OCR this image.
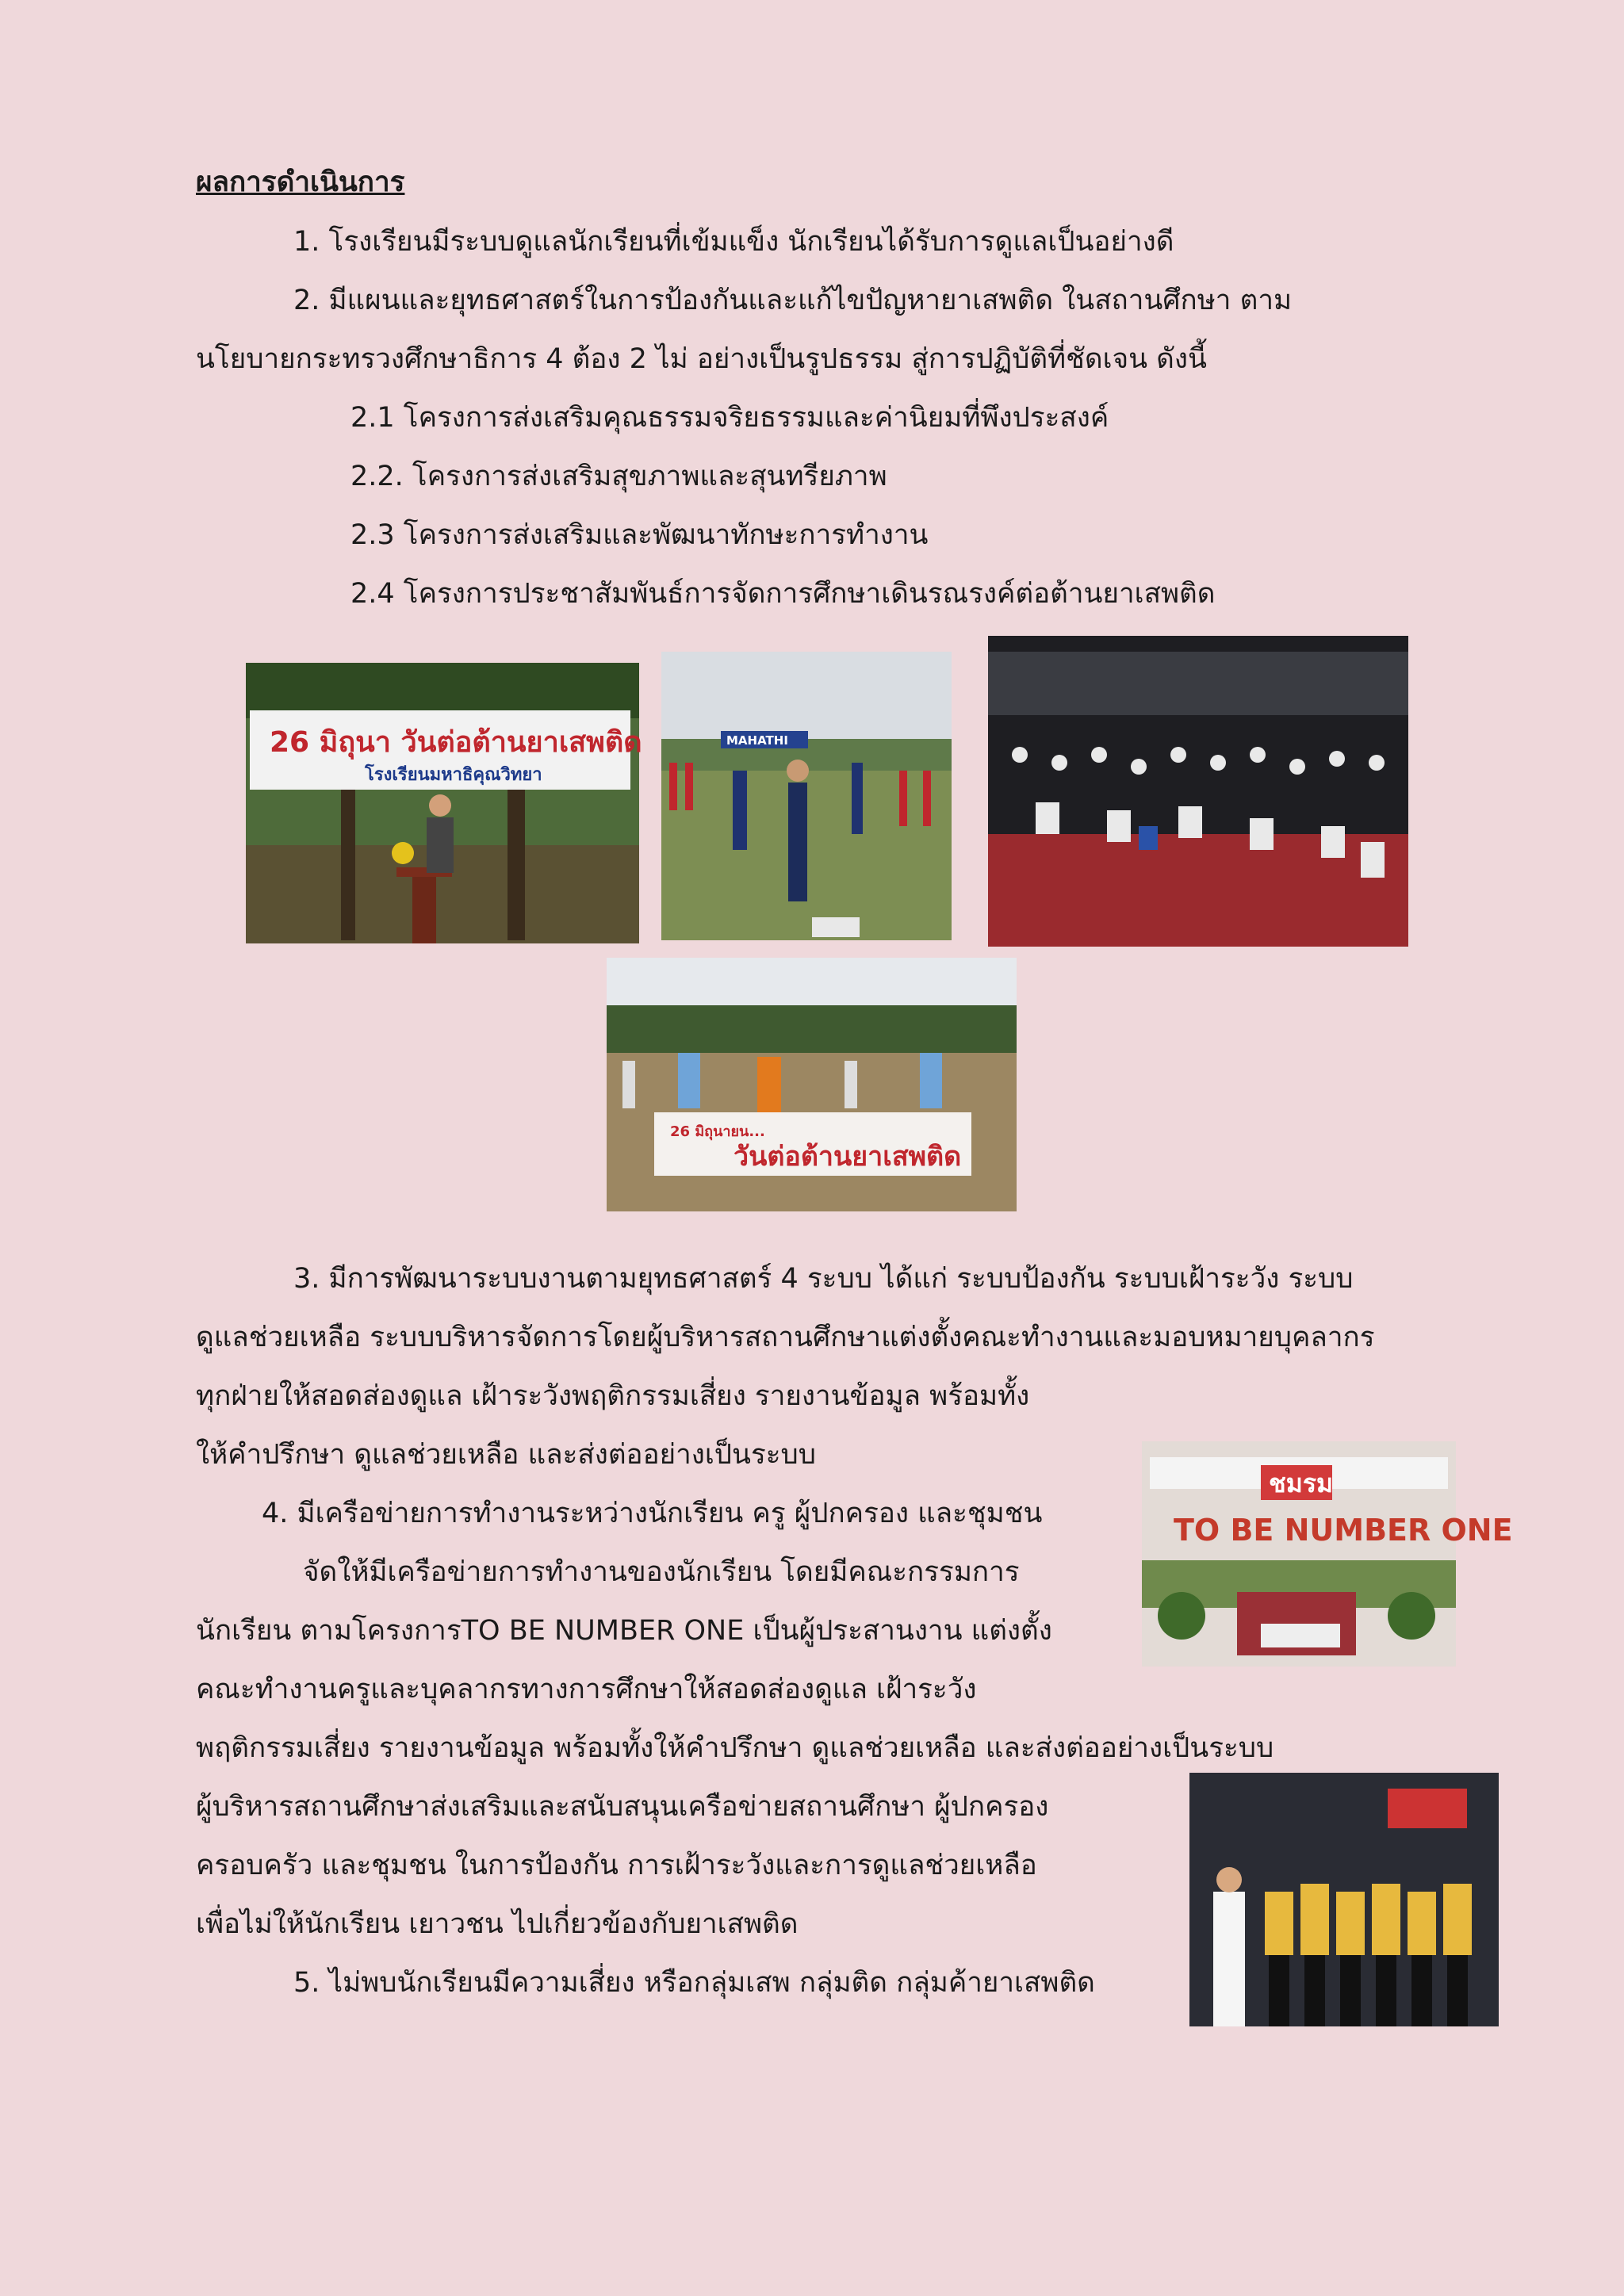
ผลการดำเนินการ
1. โรงเรียนมีระบบดูแลนักเรียนที่เข้มแข็ง นักเรียนได้รับการดูแลเป็นอย่างดี
2. มีแผนและยุทธศาสตร์ในการป้องกันและแก้ไขปัญหายาเสพติด ในสถานศึกษา ตาม
นโยบายกระทรวงศึกษาธิการ 4 ต้อง 2 ไม่ อย่างเป็นรูปธรรม สู่การปฏิบัติที่ชัดเจน ดังนี้
2.1 โครงการส่งเสริมคุณธรรมจริยธรรมและค่านิยมที่พึงประสงค์
2.2. โครงการส่งเสริมสุขภาพและสุนทรียภาพ
2.3 โครงการส่งเสริมและพัฒนาทักษะการทำงาน
2.4 โครงการประชาสัมพันธ์การจัดการศึกษาเดินรณรงค์ต่อต้านยาเสพติด
26 มิถุนา วันต่อต้านยาเสพติด
โรงเรียนมหาธิคุณวิทยา
MAHATHI
26 มิถุนายน...
วันต่อต้านยาเสพติด
3. มีการพัฒนาระบบงานตามยุทธศาสตร์ 4 ระบบ ได้แก่ ระบบป้องกัน ระบบเฝ้าระวัง ระบบ
ดูแลช่วยเหลือ ระบบบริหารจัดการโดยผู้บริหารสถานศึกษาแต่งตั้งคณะทำงานและมอบหมายบุคลากร
ทุกฝ่ายให้สอดส่องดูแล เฝ้าระวังพฤติกรรมเสี่ยง รายงานข้อมูล พร้อมทั้ง
ให้คำปรึกษา ดูแลช่วยเหลือ และส่งต่ออย่างเป็นระบบ
4. มีเครือข่ายการทำงานระหว่างนักเรียน ครู ผู้ปกครอง และชุมชน
จัดให้มีเครือข่ายการทำงานของนักเรียน โดยมีคณะกรรมการ
นักเรียน ตามโครงการTO BE NUMBER ONE เป็นผู้ประสานงาน แต่งตั้ง
คณะทำงานครูและบุคลากรทางการศึกษาให้สอดส่องดูแล เฝ้าระวัง
พฤติกรรมเสี่ยง รายงานข้อมูล พร้อมทั้งให้คำปรึกษา ดูแลช่วยเหลือ และส่งต่ออย่างเป็นระบบ
ผู้บริหารสถานศึกษาส่งเสริมและสนับสนุนเครือข่ายสถานศึกษา ผู้ปกครอง
ครอบครัว และชุมชน ในการป้องกัน การเฝ้าระวังและการดูแลช่วยเหลือ
เพื่อไม่ให้นักเรียน เยาวชน ไปเกี่ยวข้องกับยาเสพติด
5. ไม่พบนักเรียนมีความเสี่ยง หรือกลุ่มเสพ กลุ่มติด กลุ่มค้ายาเสพติด
ชมรม
TO BE NUMBER ONE
